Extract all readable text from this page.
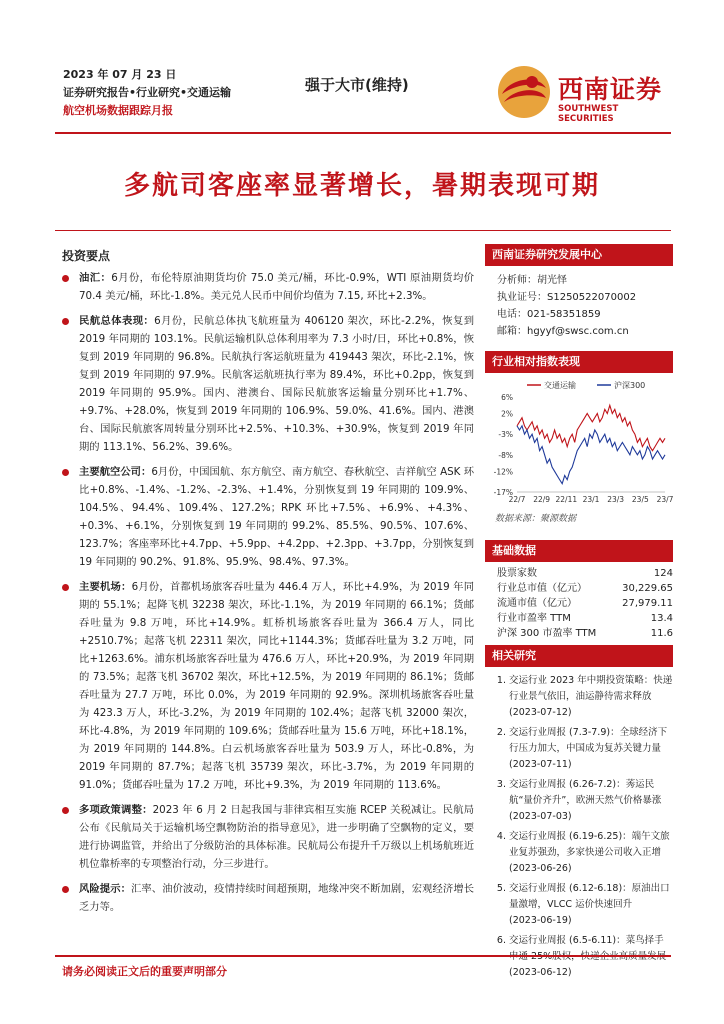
2023 年 07 月 23 日
证券研究报告•行业研究•交通运输
航空机场数据跟踪月报
强于大市(维持)	西南证券
SOUTHWEST SECURITIES
多航司客座率显著增长，暑期表现可期
投资要点
油汇：6月份，布伦特原油期货均价 75.0 美元/桶，环比-0.9%，WTI 原油期货均价 70.4 美元/桶，环比-1.8%。美元兑人民币中间价均值为 7.15, 环比+2.3%。
民航总体表现：6月份，民航总体执飞航班量为 406120 架次，环比-2.2%，恢复到 2019 年同期的 103.1%。民航运输机队总体利用率为 7.3 小时/日，环比+0.8%，恢复到 2019 年同期的 96.8%。民航执行客运航班量为 419443 架次，环比-2.1%，恢复到 2019 年同期的 97.9%。民航客运航班执行率为 89.4%，环比+0.2pp，恢复到 2019 年同期的 95.9%。国内、港澳台、国际民航旅客运输量分别环比+1.7%、+9.7%、+28.0%，恢复到 2019 年同期的 106.9%、59.0%、41.6%。国内、港澳台、国际民航旅客周转量分别环比+2.5%、+10.3%、+30.9%，恢复到 2019 年同期的 113.1%、56.2%、39.6%。
主要航空公司：6月份，中国国航、东方航空、南方航空、春秋航空、吉祥航空 ASK 环比+0.8%、-1.4%、-1.2%、-2.3%、+1.4%，分别恢复到 19 年同期的 109.9%、104.5%、94.4%、109.4%、127.2%；RPK 环比+7.5%、+6.9%、+4.3%、+0.3%、+6.1%，分别恢复到 19 年同期的 99.2%、85.5%、90.5%、107.6%、123.7%；客座率环比+4.7pp、+5.9pp、+4.2pp、+2.3pp、+3.7pp，分别恢复到 19 年同期的 90.2%、91.8%、95.9%、98.4%、97.3%。
主要机场：6月份，首都机场旅客吞吐量为 446.4 万人，环比+4.9%，为 2019 年同期的 55.1%；起降飞机 32238 架次，环比-1.1%，为 2019 年同期的 66.1%；货邮吞吐量为 9.8 万吨，环比+14.9%。虹桥机场旅客吞吐量为 366.4 万人，同比+2510.7%；起落飞机 22311 架次，同比+1144.3%；货邮吞吐量为 3.2 万吨，同比+1263.6%。浦东机场旅客吞吐量为 476.6 万人，环比+20.9%，为 2019 年同期的 73.5%；起落飞机 36702 架次，环比+12.5%，为 2019 年同期的 86.1%；货邮吞吐量为 27.7 万吨，环比 0.0%，为 2019 年同期的 92.9%。深圳机场旅客吞吐量为 423.3 万人，环比-3.2%，为 2019 年同期的 102.4%；起落飞机 32000 架次，环比-4.8%，为 2019 年同期的 109.6%；货邮吞吐量为 15.6 万吨，环比+18.1%，为 2019 年同期的 144.8%。白云机场旅客吞吐量为 503.9 万人，环比-0.8%，为 2019 年同期的 87.7%；起落飞机 35739 架次，环比-3.7%，为 2019 年同期的 91.0%；货邮吞吐量为 17.2 万吨，环比+9.3%，为 2019 年同期的 113.6%。
多项政策调整：2023 年 6 月 2 日起我国与菲律宾相互实施 RCEP 关税减让。民航局公布《民航局关于运输机场空飘物防治的指导意见》，进一步明确了空飘物的定义，要进行协调监管，并给出了分级防治的具体标准。民航局公布提升千万级以上机场航班近机位靠桥率的专项整治行动，分三步进行。
风险提示：汇率、油价波动，疫情持续时间超预期，地缘冲突不断加剧，宏观经济增长乏力等。
西南证券研究发展中心
分析师：胡光怿
执业证号：S1250522070002
电话：021-58351859
邮箱：hgyyf@swsc.com.cn
行业相对指数表现
6%
2%
-3%
-8%
-12%
-17%
22/7 22/9 22/11 23/1 23/3 23/5 23/7
交通运输	沪深300
数据来源：聚源数据
基础数据
股票家数	124
行业总市值（亿元）	30,229.65
流通市值（亿元）	27,979.11
行业市盈率 TTM	13.4
沪深 300 市盈率 TTM	11.6
相关研究
1. 交运行业 2023 年中期投资策略：快递行业景气依旧，油运静待需求释放
(2023-07-12)
2. 交运行业周报 (7.3-7.9)：全球经济下行压力加大，中国成为复苏关键力量
(2023-07-11)
3. 交运行业周报 (6.26-7.2)：莠运民航“量价齐升”，欧洲天然气价格暴涨
(2023-07-03)
4. 交运行业周报 (6.19-6.25)：端午文旅业复苏强劲，多家快递公司收入正增
(2023-06-26)
5. 交运行业周报 (6.12-6.18)：原油出口量激增，VLCC 运价快速回升
(2023-06-19)
6. 交运行业周报 (6.5-6.11)：菜鸟择手
(2023-06-12)
请务必阅读正文后的重要声明部分
